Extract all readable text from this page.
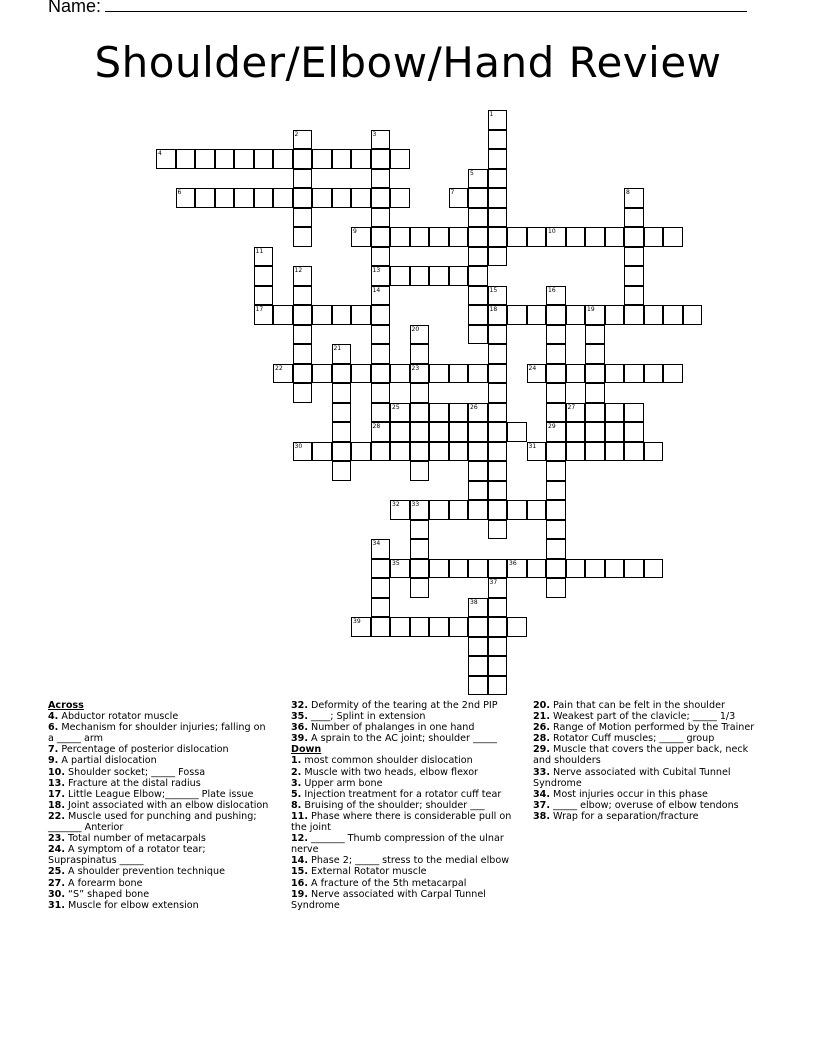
Name:
Shoulder/Elbow/Hand Review
1
2	3
13
14
4
5
6	7	8
9	10
11
17
12
15
18
16
29
19
20
23
21
22	24
25	26	27
28
30	31
32 33
34
35	36
37
38
39
Across
4. Abductor rotator muscle
6. Mechanism for shoulder injuries; falling on a _____ arm
7. Percentage of posterior dislocation
9. A partial dislocation
10. Shoulder socket; _____ Fossa
13. Fracture at the distal radius
17. Little League Elbow;_______ Plate issue
18. Joint associated with an elbow dislocation
22. Muscle used for punching and pushing; _______ Anterior
23. Total number of metacarpals
24. A symptom of a rotator tear; Supraspinatus _____
25. A shoulder prevention technique
27. A forearm bone
30. “S” shaped bone
31. Muscle for elbow extension
32. Deformity of the tearing at the 2nd PIP
35. ____; Splint in extension
36. Number of phalanges in one hand
39. A sprain to the AC joint; shoulder _____
Down
1. most common shoulder dislocation
2. Muscle with two heads, elbow flexor
3. Upper arm bone
5. Injection treatment for a rotator cuff tear
8. Bruising of the shoulder; shoulder ___
11. Phase where there is considerable pull on the joint
12. _______ Thumb compression of the ulnar nerve
14. Phase 2; _____ stress to the medial elbow
15. External Rotator muscle
16. A fracture of the 5th metacarpal
19. Nerve associated with Carpal Tunnel Syndrome
20. Pain that can be felt in the shoulder
21. Weakest part of the clavicle; _____ 1/3
26. Range of Motion performed by the Trainer
28. Rotator Cuff muscles; _____ group
29. Muscle that covers the upper back, neck and shoulders
33. Nerve associated with Cubital Tunnel Syndrome
34. Most injuries occur in this phase
37. _____ elbow; overuse of elbow tendons
38. Wrap for a separation/fracture
